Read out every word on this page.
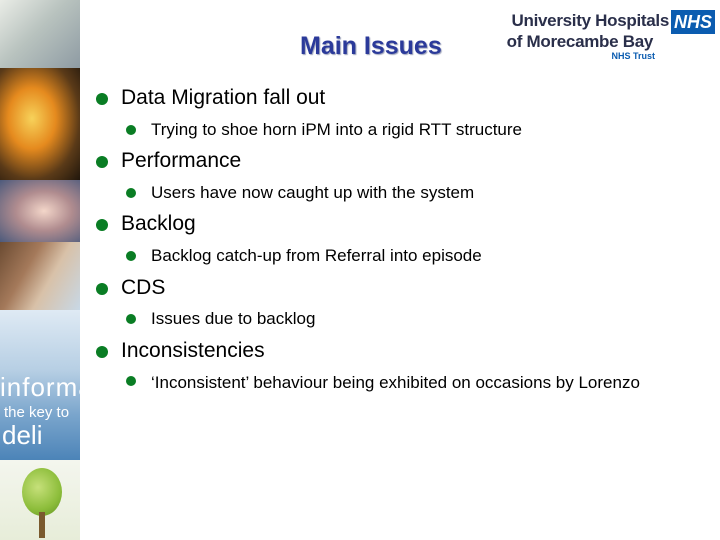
informa
the key to
deli
Main Issues
University Hospitals
of Morecambe Bay
NHS
NHS Trust
Data Migration fall out
Trying to shoe horn iPM into a rigid RTT structure
Performance
Users have now caught up with the system
Backlog
Backlog catch-up from Referral into episode
CDS
Issues due to backlog
Inconsistencies
‘Inconsistent’ behaviour being exhibited on occasions by Lorenzo
